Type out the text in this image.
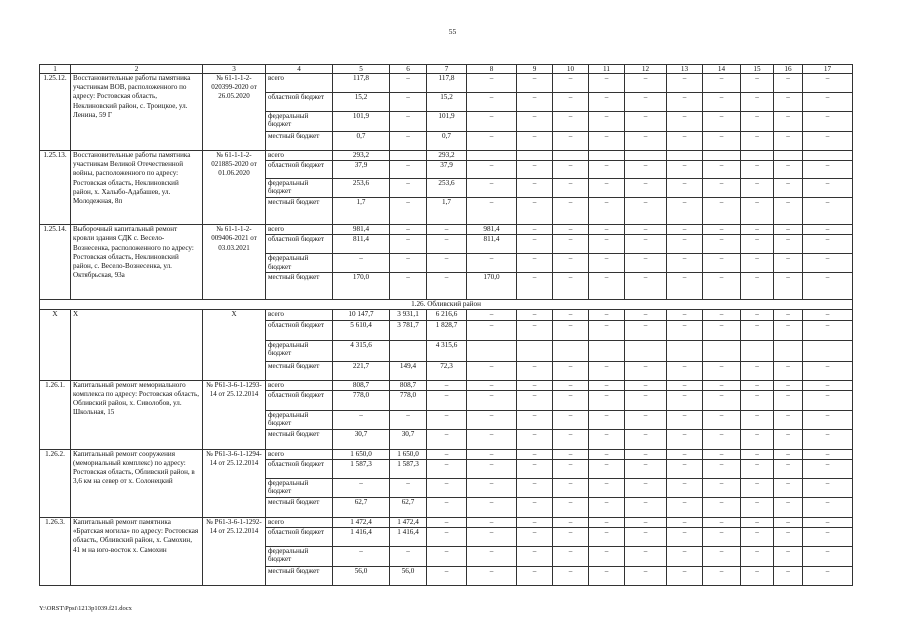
55
1	2	3	4	5	6	7	8	9	10	11	12	13	14	15	16	17
1.25.12.	Восстановительные работы памятника участникам ВОВ, расположенного по адресу: Ростовская область, Неклиновский район, с. Троицкое, ул. Ленина, 59 Г	№ 61-1-1-2-020399-2020 от 26.05.2020	всего	117,8	–	117,8	–	–	–	–	–	–	–	–	–	–
			областной бюджет	15,2	–	15,2	–	–	–	–	–	–	–	–	–	–
			федеральный бюджет	101,9	–	101,9	–	–	–	–	–	–	–	–	–	–
			местный бюджет	0,7	–	0,7	–	–	–	–	–	–	–	–	–	–
1.25.13.	Восстановительные работы памятника участникам Великой Отечественной войны, расположенного по адресу: Ростовская область, Неклиновский район, х. Халыбо-Адабашев, ул. Молодежная, 8п	№ 61-1-1-2-021885-2020 от 01.06.2020	всего	293,2		293,2										
			областной бюджет	37,9	–	37,9	–	–	–	–	–	–	–	–	–	–
			федеральный бюджет	253,6	–	253,6	–	–	–	–	–	–	–	–	–	–
			местный бюджет	1,7	–	1,7	–	–	–	–	–	–	–	–	–	–
1.25.14.	Выборочный капитальный ремонт кровли здания СДК с. Весело-Вознесенка, расположенного по адресу: Ростовская область, Неклиновский район, с. Весело-Вознесенка, ул. Октябрьская, 93а	№ 61-1-1-2-009406-2021 от 03.03.2021	всего	981,4	–	–	981,4	–	–	–	–	–	–	–	–	–
			областной бюджет	811,4	–	–	811,4	–	–	–	–	–	–	–	–	–
			федеральный бюджет	–	–	–	–	–	–	–	–	–	–	–	–	–
			местный бюджет	170,0	–	–	170,0	–	–	–	–	–	–	–	–	–
1.26. Обливский район																
Х	Х	Х	всего	10 147,7	3 931,1	6 216,6	–	–	–	–	–	–	–	–	–	–
			областной бюджет	5 610,4	3 781,7	1 828,7	–	–	–	–	–	–	–	–	–	–
			федеральный бюджет	4 315,6		4 315,6										
			местный бюджет	221,7	149,4	72,3	–	–	–	–	–	–	–	–	–	–
1.26.1.	Капитальный ремонт мемориального комплекса по адресу: Ростовская область, Обливский район, х. Сиволобов, ул. Школьная, 15	№ Р61-3-6-1-1293-14 от 25.12.2014	всего	808,7	808,7	–	–	–	–	–	–	–	–	–	–	–
			областной бюджет	778,0	778,0	–	–	–	–	–	–	–	–	–	–	–
			федеральный бюджет	–	–	–	–	–	–	–	–	–	–	–	–	–
			местный бюджет	30,7	30,7	–	–	–	–	–	–	–	–	–	–	–
1.26.2.	Капитальный ремонт сооружения (мемориальный комплекс) по адресу: Ростовская область, Обливский район, в 3,6 км на север от х. Солонецкий	№ Р61-3-6-1-1294-14 от 25.12.2014	всего	1 650,0	1 650,0	–	–	–	–	–	–	–	–	–	–	–
			областной бюджет	1 587,3	1 587,3	–	–	–	–	–	–	–	–	–	–	–
			федеральный бюджет	–	–	–	–	–	–	–	–	–	–	–	–	–
			местный бюджет	62,7	62,7	–	–	–	–	–	–	–	–	–	–	–
1.26.3.	Капитальный ремонт памятника «Братская могила» по адресу: Ростовская область, Обливский район, х. Самохин, 41 м на юго-восток х. Самохин	№ Р61-3-6-1-1292-14 от 25.12.2014	всего	1 472,4	1 472,4	–	–	–	–	–	–	–	–	–	–	–
			областной бюджет	1 416,4	1 416,4	–	–	–	–	–	–	–	–	–	–	–
			федеральный бюджет	–	–	–	–	–	–	–	–	–	–	–	–	–
			местный бюджет	56,0	56,0	–	–	–	–	–	–	–	–	–	–	–
Y:\ORST\Ppsi\1213p1039.f21.docx
